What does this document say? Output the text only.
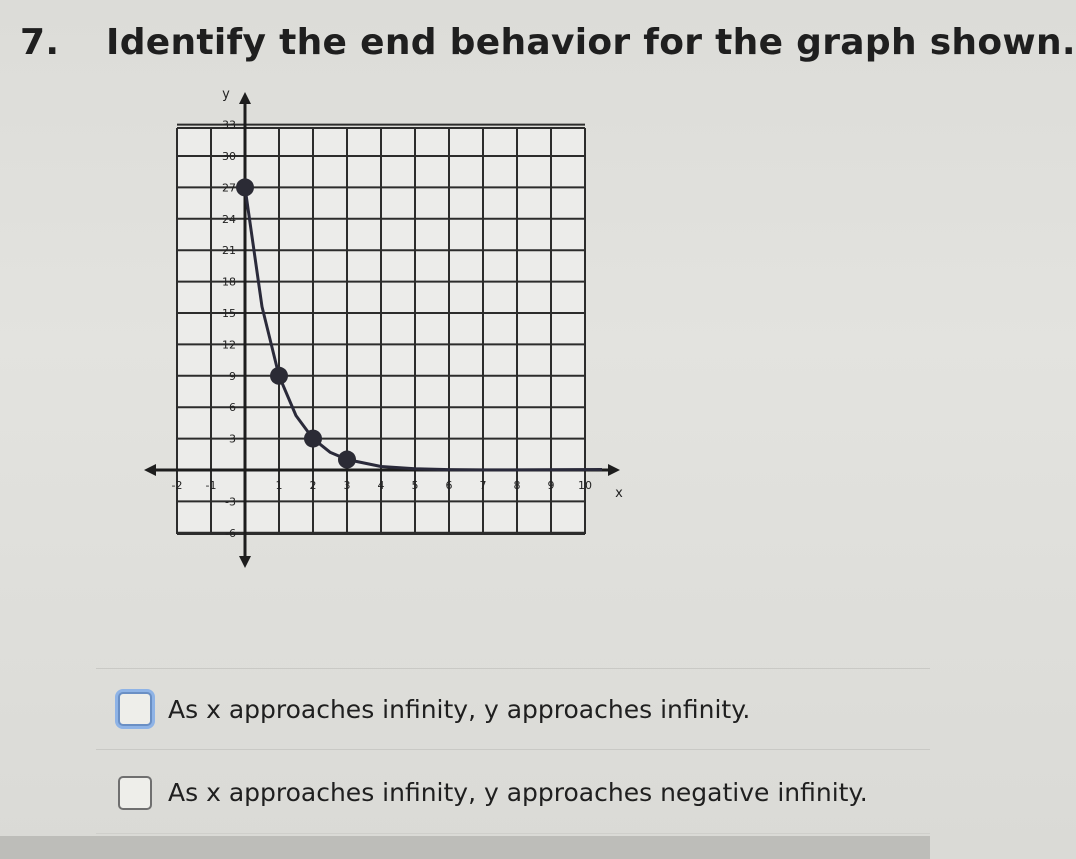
7. Identify the end behavior for the graph shown.
y
x
-2 -1	1 2 3 4 5 6 7 8 9 10
33
30
27
24
21
18
15
12
9
6
3
-3
-6
As x approaches infinity, y approaches infinity.
As x approaches infinity, y approaches negative infinity.
